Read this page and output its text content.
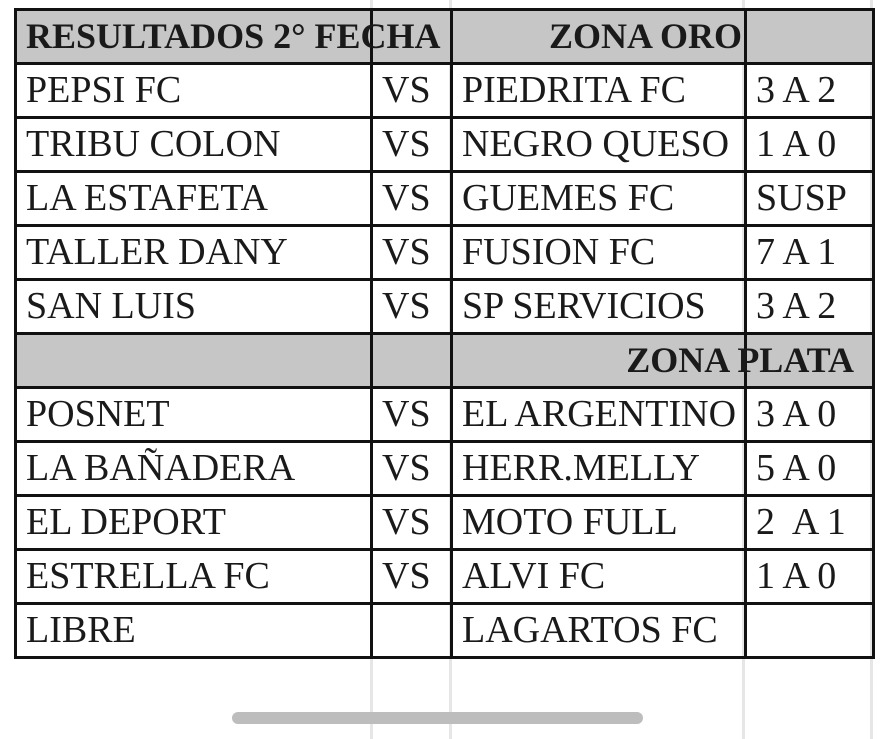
RESULTADOS 2° FECHA		ZONA ORO	
PEPSI FC	VS	PIEDRITA FC	3 A 2
TRIBU COLON	VS	NEGRO QUESO	1 A 0
LA ESTAFETA	VS	GUEMES FC	SUSP
TALLER DANY	VS	FUSION FC	7 A 1
SAN LUIS	VS	SP SERVICIOS	3 A 2
		ZONA PLATA	
POSNET	VS	EL ARGENTINO	3 A 0
LA BAÑADERA	VS	HERR.MELLY	5 A 0
EL DEPORT	VS	MOTO FULL	2  A 1
ESTRELLA FC	VS	ALVI FC	1 A 0
LIBRE		LAGARTOS FC	
